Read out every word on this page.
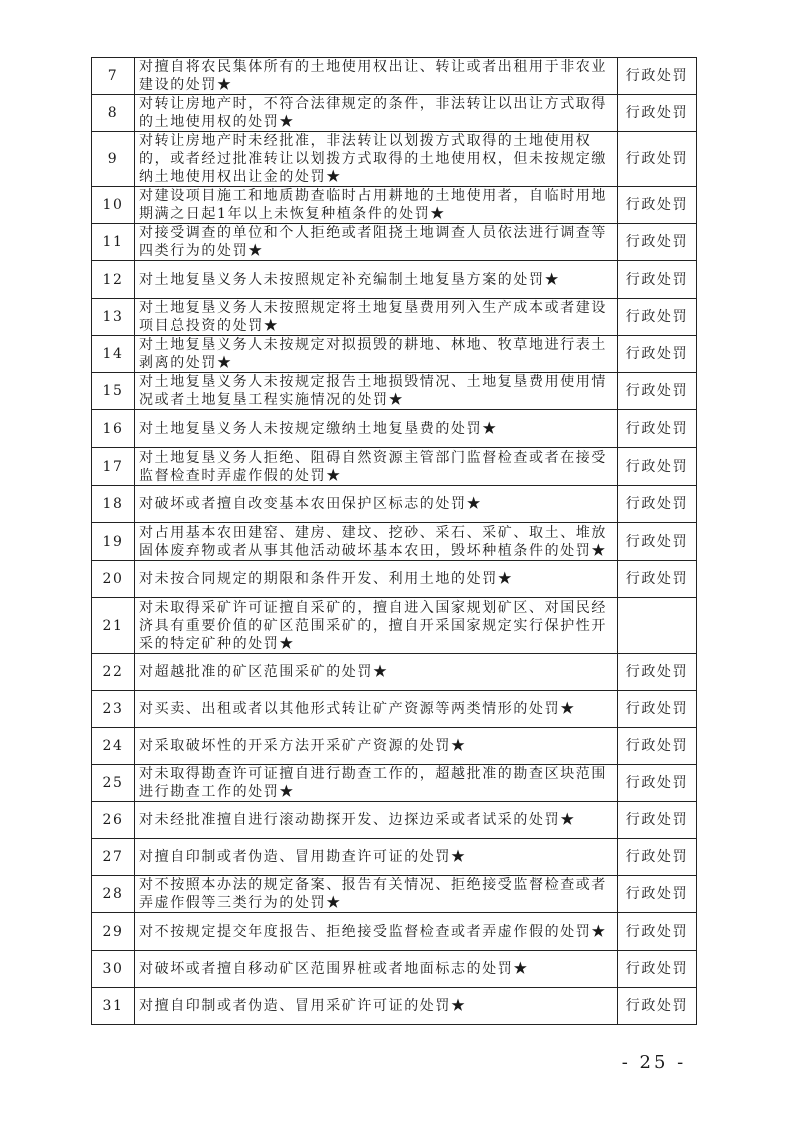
7	对擅自将农民集体所有的土地使用权出让、转让或者出租用于非农业建设的处罚★	行政处罚
8	对转让房地产时，不符合法律规定的条件，非法转让以出让方式取得的土地使用权的处罚★	行政处罚
9	对转让房地产时未经批准，非法转让以划拨方式取得的土地使用权的，或者经过批准转让以划拨方式取得的土地使用权，但未按规定缴纳土地使用权出让金的处罚★	行政处罚
10	对建设项目施工和地质勘查临时占用耕地的土地使用者，自临时用地期满之日起1年以上未恢复种植条件的处罚★	行政处罚
11	对接受调查的单位和个人拒绝或者阻挠土地调查人员依法进行调查等四类行为的处罚★	行政处罚
12	对土地复垦义务人未按照规定补充编制土地复垦方案的处罚★	行政处罚
13	对土地复垦义务人未按照规定将土地复垦费用列入生产成本或者建设项目总投资的处罚★	行政处罚
14	对土地复垦义务人未按规定对拟损毁的耕地、林地、牧草地进行表土剥离的处罚★	行政处罚
15	对土地复垦义务人未按规定报告土地损毁情况、土地复垦费用使用情况或者土地复垦工程实施情况的处罚★	行政处罚
16	对土地复垦义务人未按规定缴纳土地复垦费的处罚★	行政处罚
17	对土地复垦义务人拒绝、阻碍自然资源主管部门监督检查或者在接受监督检查时弄虚作假的处罚★	行政处罚
18	对破坏或者擅自改变基本农田保护区标志的处罚★	行政处罚
19	对占用基本农田建窑、建房、建坟、挖砂、采石、采矿、取土、堆放固体废弃物或者从事其他活动破坏基本农田，毁坏种植条件的处罚★	行政处罚
20	对未按合同规定的期限和条件开发、利用土地的处罚★	行政处罚
21	对未取得采矿许可证擅自采矿的，擅自进入国家规划矿区、对国民经济具有重要价值的矿区范围采矿的，擅自开采国家规定实行保护性开采的特定矿种的处罚★	
22	对超越批准的矿区范围采矿的处罚★	行政处罚
23	对买卖、出租或者以其他形式转让矿产资源等两类情形的处罚★	行政处罚
24	对采取破坏性的开采方法开采矿产资源的处罚★	行政处罚
25	对未取得勘查许可证擅自进行勘查工作的，超越批准的勘查区块范围进行勘查工作的处罚★	行政处罚
26	对未经批准擅自进行滚动勘探开发、边探边采或者试采的处罚★	行政处罚
27	对擅自印制或者伪造、冒用勘查许可证的处罚★	行政处罚
28	对不按照本办法的规定备案、报告有关情况、拒绝接受监督检查或者弄虚作假等三类行为的处罚★	行政处罚
29	对不按规定提交年度报告、拒绝接受监督检查或者弄虚作假的处罚★	行政处罚
30	对破坏或者擅自移动矿区范围界桩或者地面标志的处罚★	行政处罚
31	对擅自印制或者伪造、冒用采矿许可证的处罚★	行政处罚
- 25 -
